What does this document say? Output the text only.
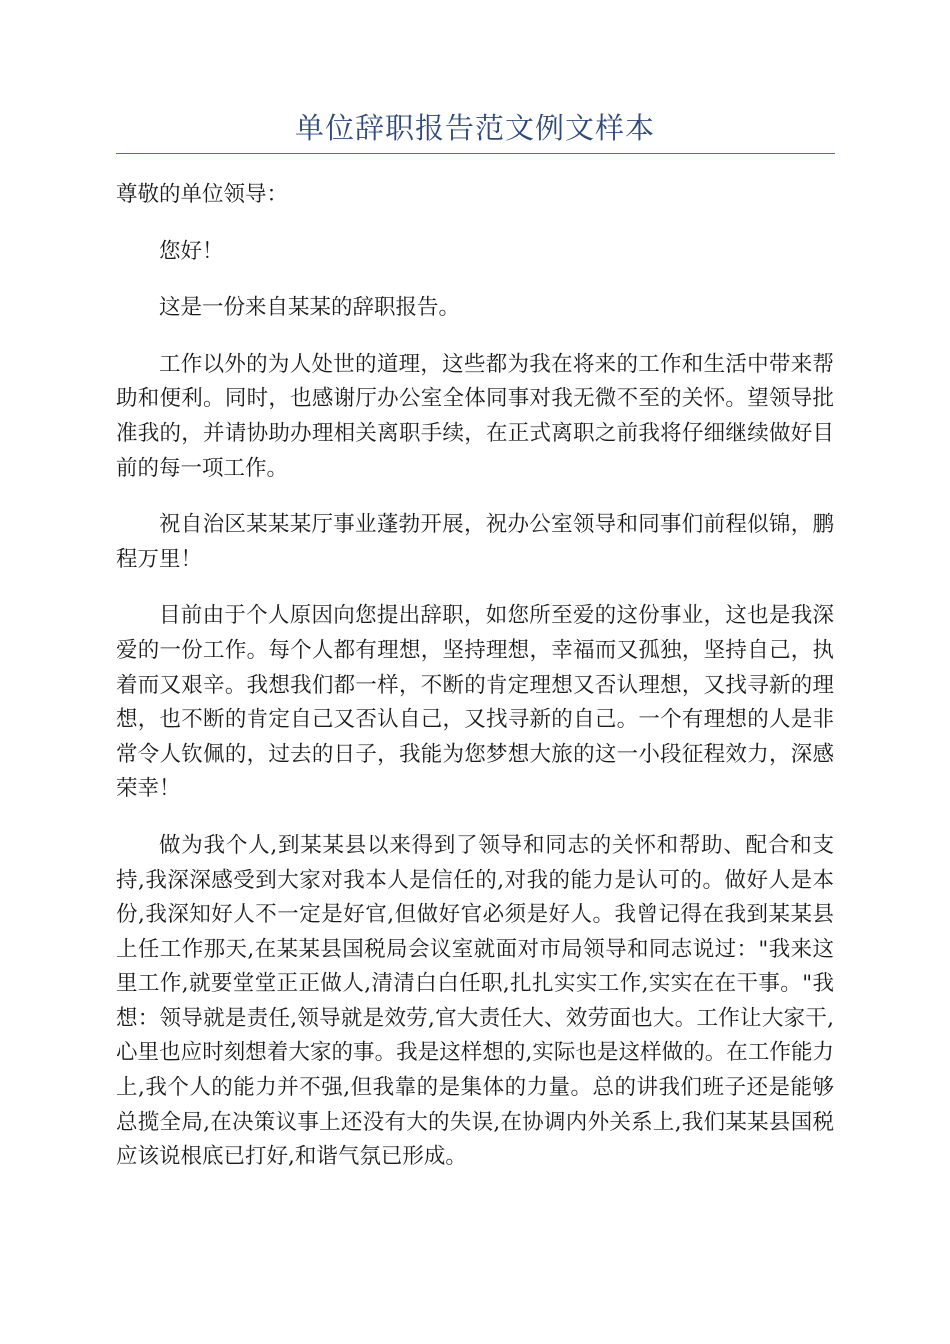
单位辞职报告范文例文样本

尊敬的单位领导：

您好！

这是一份来自某某的辞职报告。

工作以外的为人处世的道理，这些都为我在将来的工作和生活中带来帮助和便利。同时，也感谢厅办公室全体同事对我无微不至的关怀。望领导批准我的，并请协助办理相关离职手续，在正式离职之前我将仔细继续做好目前的每一项工作。

祝自治区某某某厅事业蓬勃开展，祝办公室领导和同事们前程似锦，鹏程万里！

目前由于个人原因向您提出辞职，如您所至爱的这份事业，这也是我深爱的一份工作。每个人都有理想，坚持理想，幸福而又孤独，坚持自己，执着而又艰辛。我想我们都一样，不断的肯定理想又否认理想，又找寻新的理想，也不断的肯定自己又否认自己，又找寻新的自己。一个有理想的人是非常令人钦佩的，过去的日子，我能为您梦想大旅的这一小段征程效力，深感荣幸！

做为我个人,到某某县以来得到了领导和同志的关怀和帮助、配合和支持,我深深感受到大家对我本人是信任的,对我的能力是认可的。做好人是本份,我深知好人不一定是好官,但做好官必须是好人。我曾记得在我到某某县上任工作那天,在某某县国税局会议室就面对市局领导和同志说过："我来这里工作,就要堂堂正正做人,清清白白任职,扎扎实实工作,实实在在干事。"我想：领导就是责任,领导就是效劳,官大责任大、效劳面也大。工作让大家干,心里也应时刻想着大家的事。我是这样想的,实际也是这样做的。在工作能力上,我个人的能力并不强,但我靠的是集体的力量。总的讲我们班子还是能够总揽全局,在决策议事上还没有大的失误,在协调内外关系上,我们某某县国税应该说根底已打好,和谐气氛已形成。
